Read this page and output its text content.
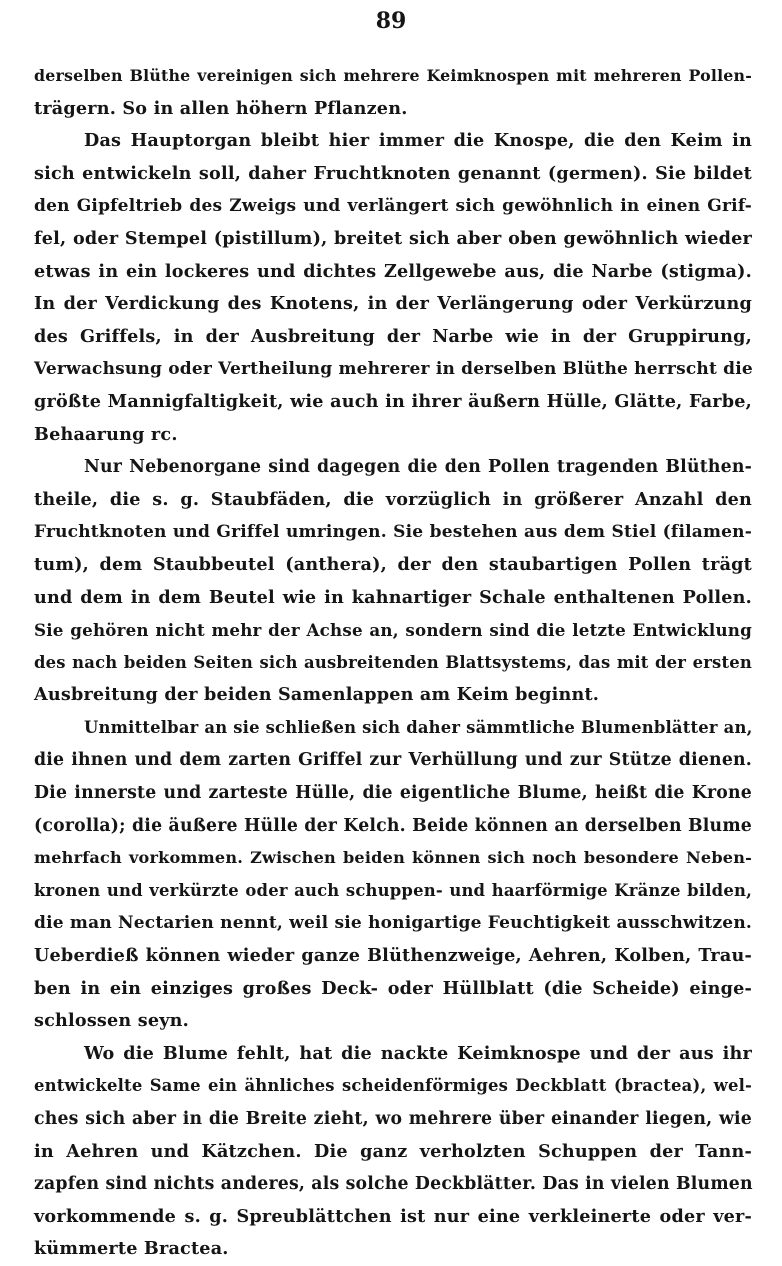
89
derselben Blüthe vereinigen sich mehrere Keimknospen mit mehreren Pollen-
trägern. So in allen höhern Pflanzen.
Das Hauptorgan bleibt hier immer die Knospe, die den Keim in
sich entwickeln soll, daher Fruchtknoten genannt (germen). Sie bildet
den Gipfeltrieb des Zweigs und verlängert sich gewöhnlich in einen Grif-
fel, oder Stempel (pistillum), breitet sich aber oben gewöhnlich wieder
etwas in ein lockeres und dichtes Zellgewebe aus, die Narbe (stigma).
In der Verdickung des Knotens, in der Verlängerung oder Verkürzung
des Griffels, in der Ausbreitung der Narbe wie in der Gruppirung,
Verwachsung oder Vertheilung mehrerer in derselben Blüthe herrscht die
größte Mannigfaltigkeit, wie auch in ihrer äußern Hülle, Glätte, Farbe,
Behaarung rc.
Nur Nebenorgane sind dagegen die den Pollen tragenden Blüthen-
theile, die s. g. Staubfäden, die vorzüglich in größerer Anzahl den
Fruchtknoten und Griffel umringen. Sie bestehen aus dem Stiel (filamen-
tum), dem Staubbeutel (anthera), der den staubartigen Pollen trägt
und dem in dem Beutel wie in kahnartiger Schale enthaltenen Pollen.
Sie gehören nicht mehr der Achse an, sondern sind die letzte Entwicklung
des nach beiden Seiten sich ausbreitenden Blattsystems, das mit der ersten
Ausbreitung der beiden Samenlappen am Keim beginnt.
Unmittelbar an sie schließen sich daher sämmtliche Blumenblätter an,
die ihnen und dem zarten Griffel zur Verhüllung und zur Stütze dienen.
Die innerste und zarteste Hülle, die eigentliche Blume, heißt die Krone
(corolla); die äußere Hülle der Kelch. Beide können an derselben Blume
mehrfach vorkommen. Zwischen beiden können sich noch besondere Neben-
kronen und verkürzte oder auch schuppen- und haarförmige Kränze bilden,
die man Nectarien nennt, weil sie honigartige Feuchtigkeit ausschwitzen.
Ueberdieß können wieder ganze Blüthenzweige, Aehren, Kolben, Trau-
ben in ein einziges großes Deck- oder Hüllblatt (die Scheide) einge-
schlossen seyn.
Wo die Blume fehlt, hat die nackte Keimknospe und der aus ihr
entwickelte Same ein ähnliches scheidenförmiges Deckblatt (bractea), wel-
ches sich aber in die Breite zieht, wo mehrere über einander liegen, wie
in Aehren und Kätzchen. Die ganz verholzten Schuppen der Tann-
zapfen sind nichts anderes, als solche Deckblätter. Das in vielen Blumen
vorkommende s. g. Spreublättchen ist nur eine verkleinerte oder ver-
kümmerte Bractea.
